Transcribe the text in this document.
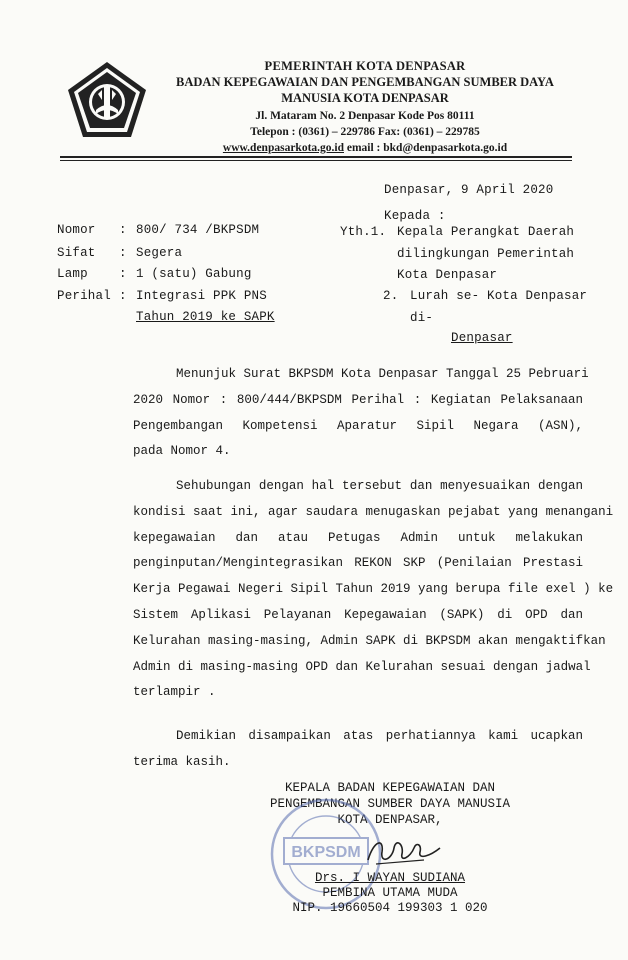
PEMERINTAH KOTA DENPASAR
BADAN KEPEGAWAIAN DAN PENGEMBANGAN SUMBER DAYA
MANUSIA KOTA DENPASAR
Jl. Mataram No. 2 Denpasar Kode Pos 80111
Telepon : (0361) – 229786 Fax: (0361) – 229785
www.denpasarkota.go.id email : bkd@denpasarkota.go.id
Denpasar, 9 April 2020
Nomor : 800/ 734 /BKPSDM
Sifat : Segera
Lamp : 1 (satu) Gabung
Perihal : Integrasi PPK PNS
Tahun 2019 ke SAPK
Kepada :
Yth.1. Kepala Perangkat Daerah
dilingkungan Pemerintah
Kota Denpasar
2. Lurah se- Kota Denpasar
di-
Denpasar
Menunjuk Surat BKPSDM Kota Denpasar Tanggal 25 Pebruari
2020 Nomor : 800/444/BKPSDM Perihal : Kegiatan Pelaksanaan
Pengembangan Kompetensi Aparatur Sipil Negara (ASN),
pada Nomor 4.
Sehubungan dengan hal tersebut dan menyesuaikan dengan
kondisi saat ini, agar saudara menugaskan pejabat yang menangani
kepegawaian dan atau Petugas Admin untuk melakukan
penginputan/Mengintegrasikan REKON SKP (Penilaian Prestasi
Kerja Pegawai Negeri Sipil Tahun 2019 yang berupa file exel ) ke
Sistem Aplikasi Pelayanan Kepegawaian (SAPK) di OPD dan
Kelurahan masing-masing, Admin SAPK di BKPSDM akan mengaktifkan
Admin di masing-masing OPD dan Kelurahan sesuai dengan jadwal
terlampir .
Demikian disampaikan atas perhatiannya kami ucapkan
terima kasih.
KEPALA BADAN KEPEGAWAIAN DAN
PENGEMBANGAN SUMBER DAYA MANUSIA
KOTA DENPASAR,
BKPSDM
Drs. I WAYAN SUDIANA
PEMBINA UTAMA MUDA
NIP. 19660504 199303 1 020
